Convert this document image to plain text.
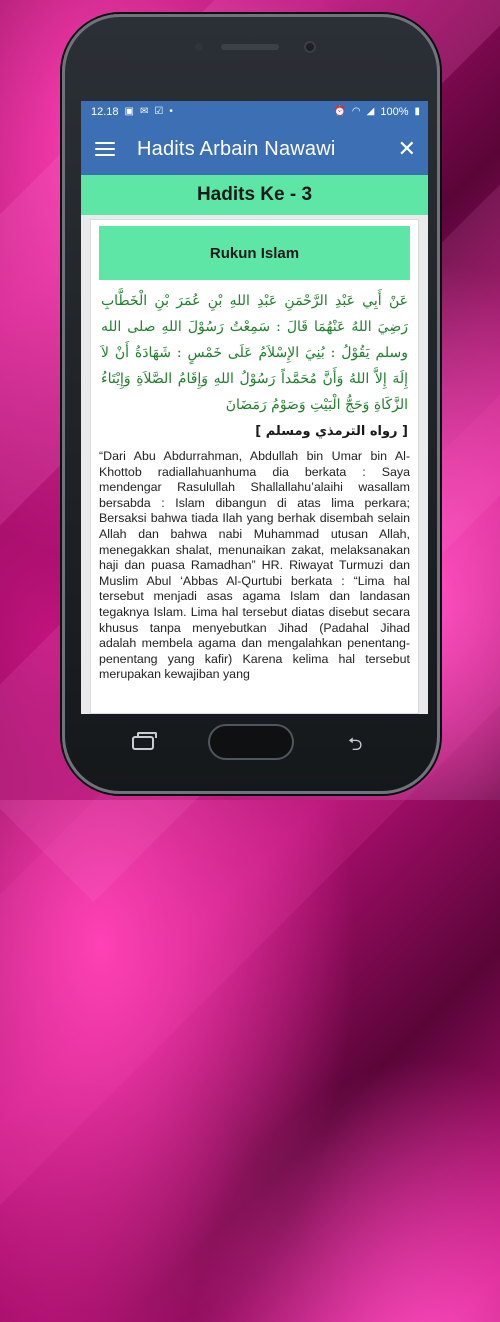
12.18 ▣ ✉ ☑ •	⏰ ◠ ◢ 100% ▮
Hadits Arbain Nawawi	✕
Hadits Ke - 3
Rukun Islam
عَنْ أَبِي عَبْدِ الرَّحْمَنِ عَبْدِ اللهِ بْنِ عُمَرَ بْنِ الْخَطَّابِ رَضِيَ اللهُ عَنْهُمَا قَالَ : سَمِعْتُ رَسُوْلَ اللهِ صلى الله وسلم يَقُوْلُ : بُنِيَ الإِسْلاَمُ عَلَى خَمْسٍ : شَهَادَةُ أَنْ لاَ إِلَهَ إِلاَّ اللهُ وَأَنَّ مُحَمَّداً رَسُوْلُ اللهِ وَإِقَامُ الصَّلاَةِ وَإِيْتَاءُ الزَّكَاةِ وَحَجُّ الْبَيْتِ وَصَوْمُ رَمَضَانَ
[ رواه الترمذي ومسلم ]
“Dari Abu Abdurrahman, Abdullah bin Umar bin Al-Khottob radiallahuanhuma dia berkata : Saya mendengar Rasulullah Shallallahu’alaihi wasallam bersabda : Islam dibangun di atas lima perkara; Bersaksi bahwa tiada Ilah yang berhak disembah selain Allah dan bahwa nabi Muhammad utusan Allah, menegakkan shalat, menunaikan zakat, melaksanakan haji dan puasa Ramadhan” HR. Riwayat Turmuzi dan Muslim Abul ‘Abbas Al-Qurtubi berkata : “Lima hal tersebut menjadi asas agama Islam dan landasan tegaknya Islam. Lima hal tersebut diatas disebut secara khusus tanpa menyebutkan Jihad (Padahal Jihad adalah membela agama dan mengalahkan penentang-penentang yang kafir) Karena kelima hal tersebut merupakan kewajiban yang
⮌
